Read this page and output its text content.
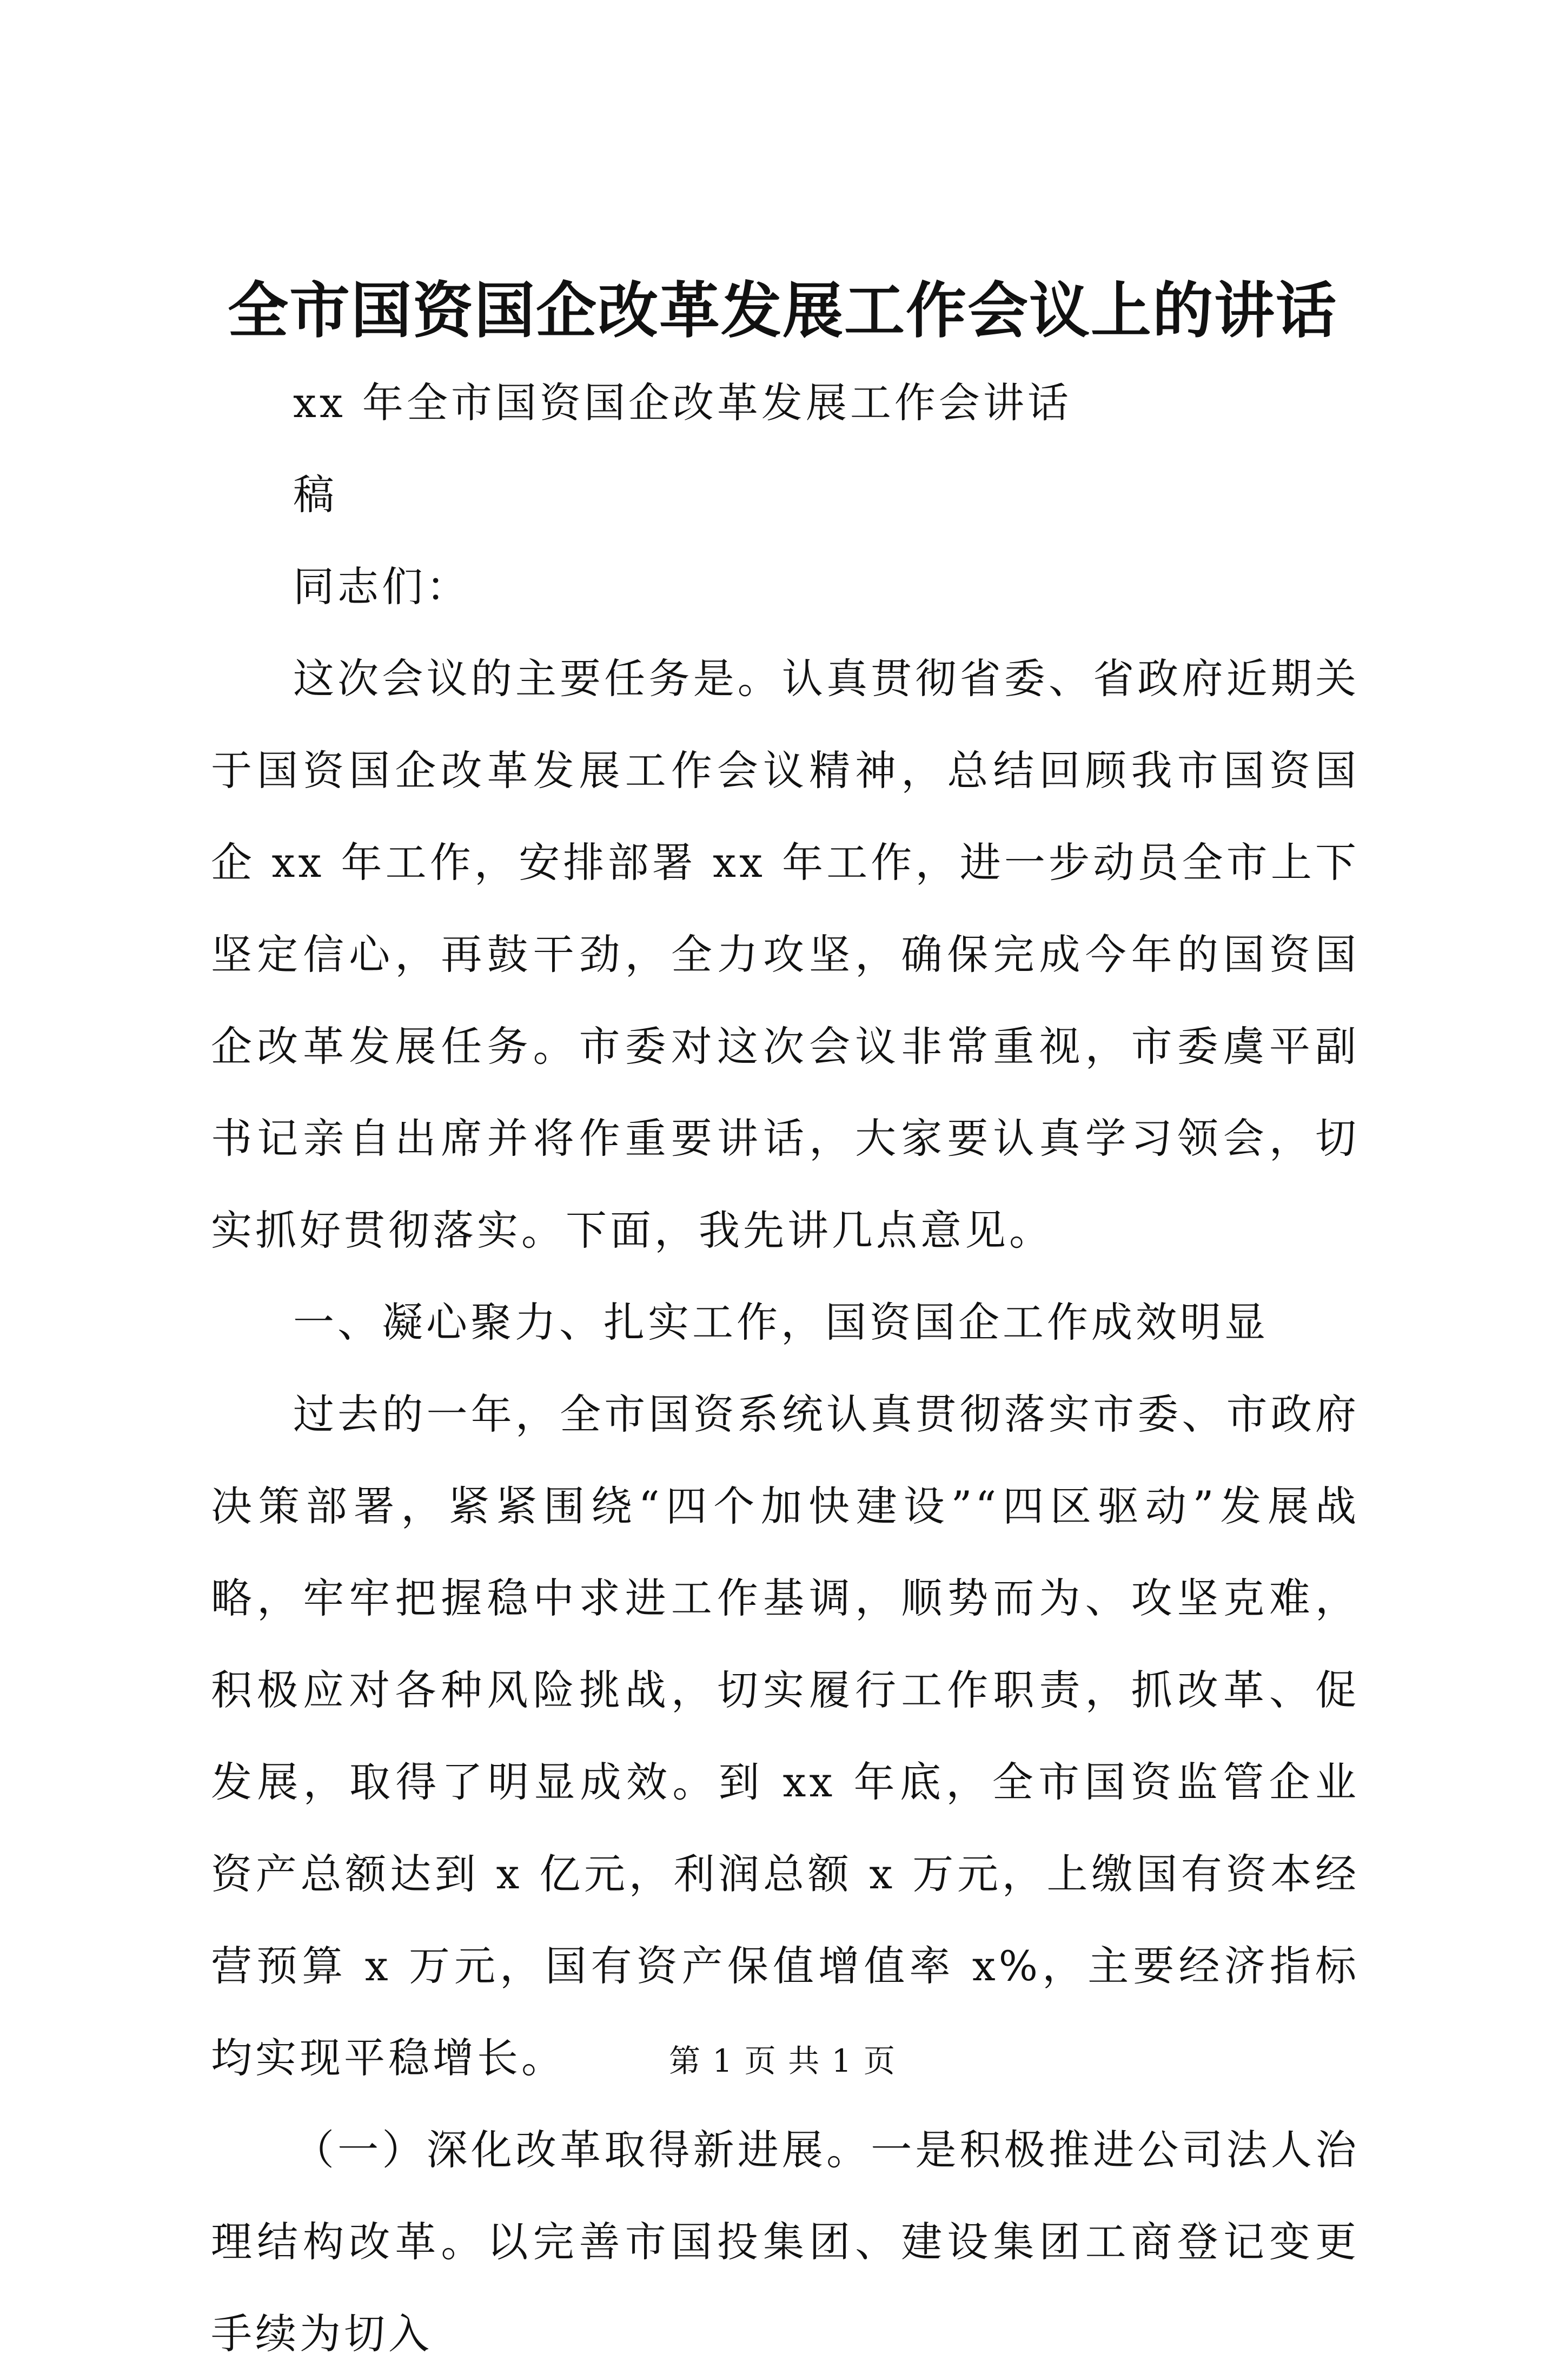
全市国资国企改革发展工作会议上的讲话

xx 年全市国资国企改革发展工作会讲话

稿

同志们：

这次会议的主要任务是。认真贯彻省委、省政府近期关于国资国企改革发展工作会议精神，总结回顾我市国资国企 xx 年工作，安排部署 xx 年工作，进一步动员全市上下坚定信心，再鼓干劲，全力攻坚，确保完成今年的国资国企改革发展任务。市委对这次会议非常重视，市委虞平副书记亲自出席并将作重要讲话，大家要认真学习领会，切实抓好贯彻落实。下面，我先讲几点意见。

一、凝心聚力、扎实工作，国资国企工作成效明显

过去的一年，全市国资系统认真贯彻落实市委、市政府决策部署，紧紧围绕“四个加快建设”“四区驱动”发展战略，牢牢把握稳中求进工作基调，顺势而为、攻坚克难，积极应对各种风险挑战，切实履行工作职责，抓改革、促发展，取得了明显成效。到 xx 年底，全市国资监管企业资产总额达到 x 亿元，利润总额 x 万元，上缴国有资本经营预算 x 万元，国有资产保值增值率 x%，主要经济指标均实现平稳增长。

（一）深化改革取得新进展。一是积极推进公司法人治理结构改革。以完善市国投集团、建设集团工商登记变更手续为切入

第 1 页 共 1 页
